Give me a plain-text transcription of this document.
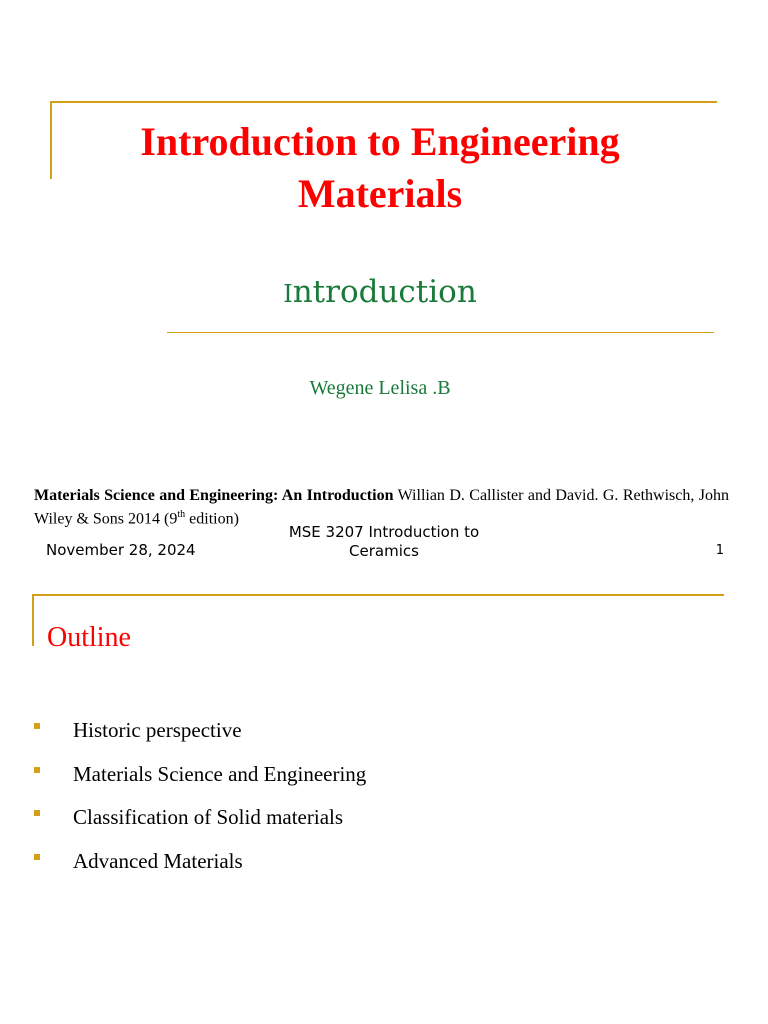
Introduction to Engineering Materials
Introduction
Wegene Lelisa .B
Materials Science and Engineering: An Introduction Willian D. Callister and David. G. Rethwisch, John Wiley & Sons 2014 (9th edition)
November 28, 2024
MSE 3207 Introduction to
Ceramics	1
Outline
Historic perspective
Materials Science and Engineering
Classification of Solid materials
Advanced Materials
